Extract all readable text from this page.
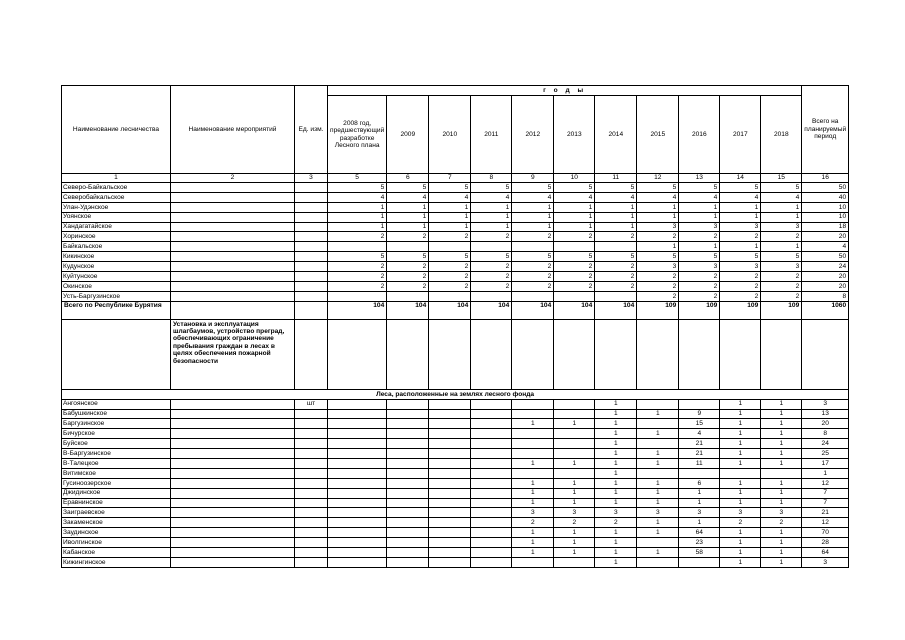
Наименование лесничества	Наименование мероприятий	Ед. изм.	г о д ы											Всего на планируемый период
			2008 год, предшествующий разработке Лесного плана	2009	2010	2011	2012	2013	2014	2015	2016	2017	2018	
1	2	3	5	6	7	8	9	10	11	12	13	14	15	16
Северо-Байкальское			5	5	5	5	5	5	5	5	5	5	5	50
Северобайкальское			4	4	4	4	4	4	4	4	4	4	4	40
Улан-Удэнское			1	1	1	1	1	1	1	1	1	1	1	10
Уоянское			1	1	1	1	1	1	1	1	1	1	1	10
Хандагатайское			1	1	1	1	1	1	1	3	3	3	3	18
Хоринское			2	2	2	2	2	2	2	2	2	2	2	20
Байкальское										1	1	1	1	4
Кикинское			5	5	5	5	5	5	5	5	5	5	5	50
Кудунское			2	2	2	2	2	2	2	3	3	3	3	24
Куйтунское			2	2	2	2	2	2	2	2	2	2	2	20
Окинское			2	2	2	2	2	2	2	2	2	2	2	20
Усть-Баргузинское										2	2	2	2	8
Всего по Республике Бурятия			104	104	104	104	104	104	104	109	109	109	109	1060
	Установка и эксплуатация шлагбаумов, устройство преград, обеспечивающих ограничение пребывания граждан в лесах в целях обеспечения пожарной безопасности													
Леса, расположенные на землях лесного фонда														
Ангоянское		шт							1			1	1	3
Бабушкинское									1	1	9	1	1	13
Баргузинское							1	1	1		15	1	1	20
Бичурское									1	1	4	1	1	8
Буйское									1		21	1	1	24
В-Баргузинское									1	1	21	1	1	25
В-Талецкое							1	1	1	1	11	1	1	17
Витимское									1					1
Гусиноозерское							1	1	1	1	6	1	1	12
Джидинское							1	1	1	1	1	1	1	7
Еравнинское							1	1	1	1	1	1	1	7
Заиграевское							3	3	3	3	3	3	3	21
Закаменское							2	2	2	1	1	2	2	12
Заудинское							1	1	1	1	64	1	1	70
Иволгинское							1	1	1		23	1	1	28
Кабанское							1	1	1	1	58	1	1	64
Кижингинское									1			1	1	3
